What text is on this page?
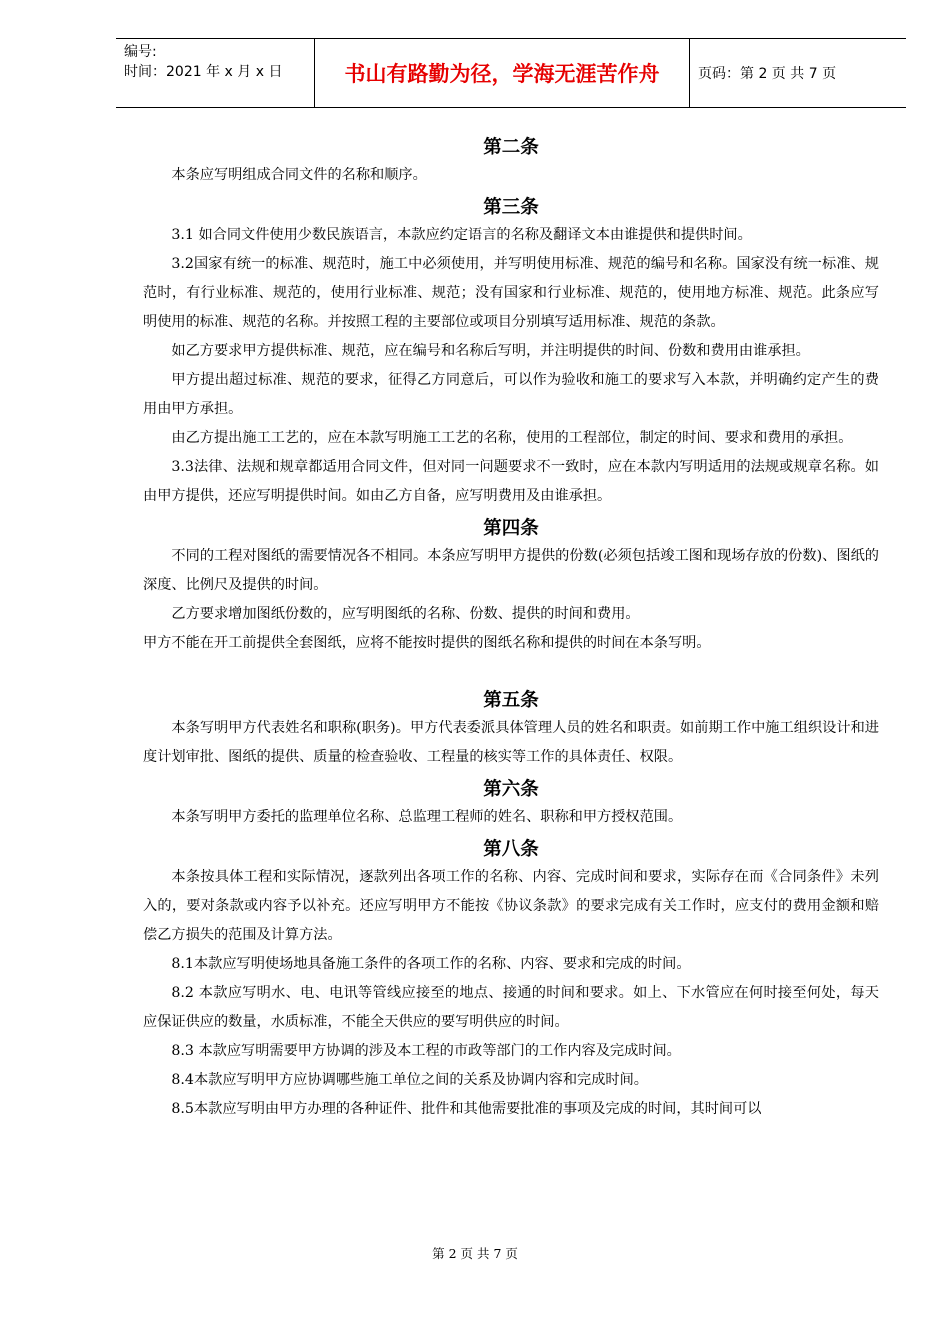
编号:
时间：2021 年 x 月 x 日	书山有路勤为径，学海无涯苦作舟	页码：第 2 页 共 7 页
第二条

本条应写明组成合同文件的名称和顺序。

第三条

3.1 如合同文件使用少数民族语言，本款应约定语言的名称及翻译文本由谁提供和提供时间。

3.2国家有统一的标准、规范时，施工中必须使用，并写明使用标准、规范的编号和名称。国家没有统一标准、规范时，有行业标准、规范的，使用行业标准、规范；没有国家和行业标准、规范的，使用地方标准、规范。此条应写明使用的标准、规范的名称。并按照工程的主要部位或项目分别填写适用标准、规范的条款。

如乙方要求甲方提供标准、规范，应在编号和名称后写明，并注明提供的时间、份数和费用由谁承担。

甲方提出超过标准、规范的要求，征得乙方同意后，可以作为验收和施工的要求写入本款，并明确约定产生的费用由甲方承担。

由乙方提出施工工艺的，应在本款写明施工工艺的名称，使用的工程部位，制定的时间、要求和费用的承担。

3.3法律、法规和规章都适用合同文件，但对同一问题要求不一致时，应在本款内写明适用的法规或规章名称。如由甲方提供，还应写明提供时间。如由乙方自备，应写明费用及由谁承担。

第四条

不同的工程对图纸的需要情况各不相同。本条应写明甲方提供的份数(必须包括竣工图和现场存放的份数)、图纸的深度、比例尺及提供的时间。

乙方要求增加图纸份数的，应写明图纸的名称、份数、提供的时间和费用。

甲方不能在开工前提供全套图纸，应将不能按时提供的图纸名称和提供的时间在本条写明。

第五条

本条写明甲方代表姓名和职称(职务)。甲方代表委派具体管理人员的姓名和职责。如前期工作中施工组织设计和进度计划审批、图纸的提供、质量的检查验收、工程量的核实等工作的具体责任、权限。

第六条

本条写明甲方委托的监理单位名称、总监理工程师的姓名、职称和甲方授权范围。

第八条

本条按具体工程和实际情况，逐款列出各项工作的名称、内容、完成时间和要求，实际存在而《合同条件》未列入的，要对条款或内容予以补充。还应写明甲方不能按《协议条款》的要求完成有关工作时，应支付的费用金额和赔偿乙方损失的范围及计算方法。

8.1本款应写明使场地具备施工条件的各项工作的名称、内容、要求和完成的时间。

8.2 本款应写明水、电、电讯等管线应接至的地点、接通的时间和要求。如上、下水管应在何时接至何处，每天应保证供应的数量，水质标准，不能全天供应的要写明供应的时间。

8.3 本款应写明需要甲方协调的涉及本工程的市政等部门的工作内容及完成时间。

8.4本款应写明甲方应协调哪些施工单位之间的关系及协调内容和完成时间。

8.5本款应写明由甲方办理的各种证件、批件和其他需要批准的事项及完成的时间，其时间可以

第 2 页 共 7 页
